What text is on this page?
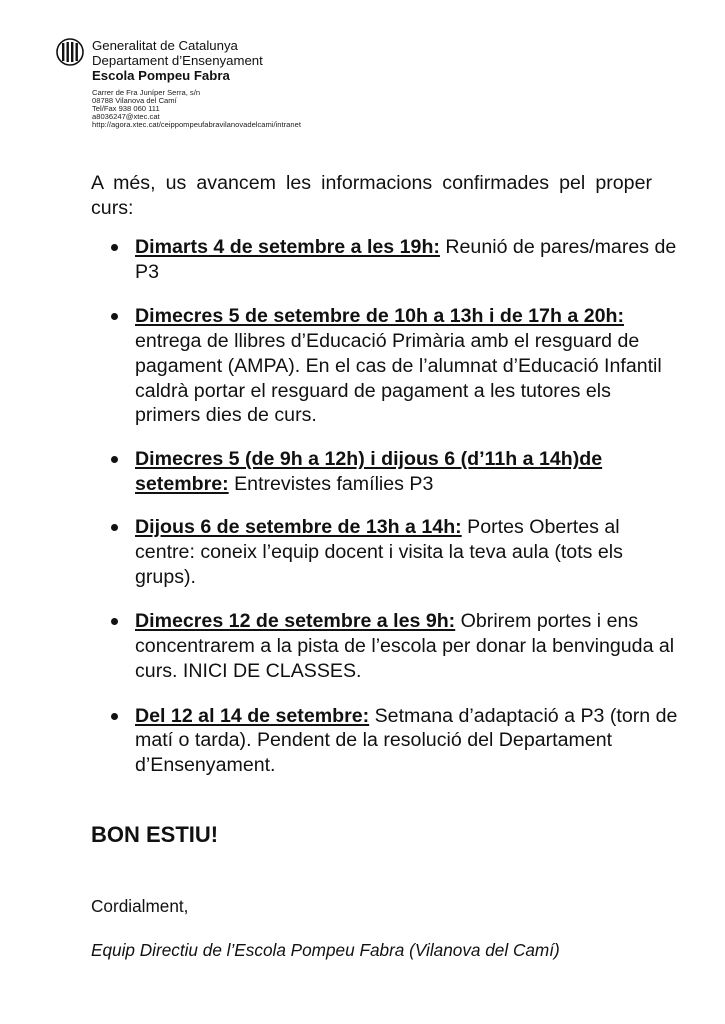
Generalitat de Catalunya
Departament d’Ensenyament
Escola Pompeu Fabra
Carrer de Fra Juníper Serra, s/n
08788 Vilanova del Camí
Tel/Fax 938 060 111
a8036247@xtec.cat
http://agora.xtec.cat/ceippompeufabravilanovadelcami/intranet

A més, us avancem les informacions confirmades pel proper curs:

Dimarts 4 de setembre a les 19h: Reunió de pares/mares de P3
Dimecres 5 de setembre de 10h a 13h i de 17h a 20h: entrega de llibres d’Educació Primària amb el resguard de pagament (AMPA). En el cas de l’alumnat d’Educació Infantil caldrà portar el resguard de pagament a les tutores els primers dies de curs.
Dimecres 5 (de 9h a 12h) i dijous 6 (d’11h a 14h)de setembre: Entrevistes famílies P3
Dijous 6 de setembre de 13h a 14h: Portes Obertes al centre: coneix l’equip docent i visita la teva aula (tots els grups).
Dimecres 12 de setembre a les 9h: Obrirem portes i ens concentrarem a la pista de l’escola per donar la benvinguda al curs. INICI DE CLASSES.
Del 12 al 14 de setembre: Setmana d’adaptació a P3 (torn de matí o tarda). Pendent de la resolució del Departament d’Ensenyament.

BON ESTIU!

Cordialment,

Equip Directiu de l’Escola Pompeu Fabra (Vilanova del Camí)
